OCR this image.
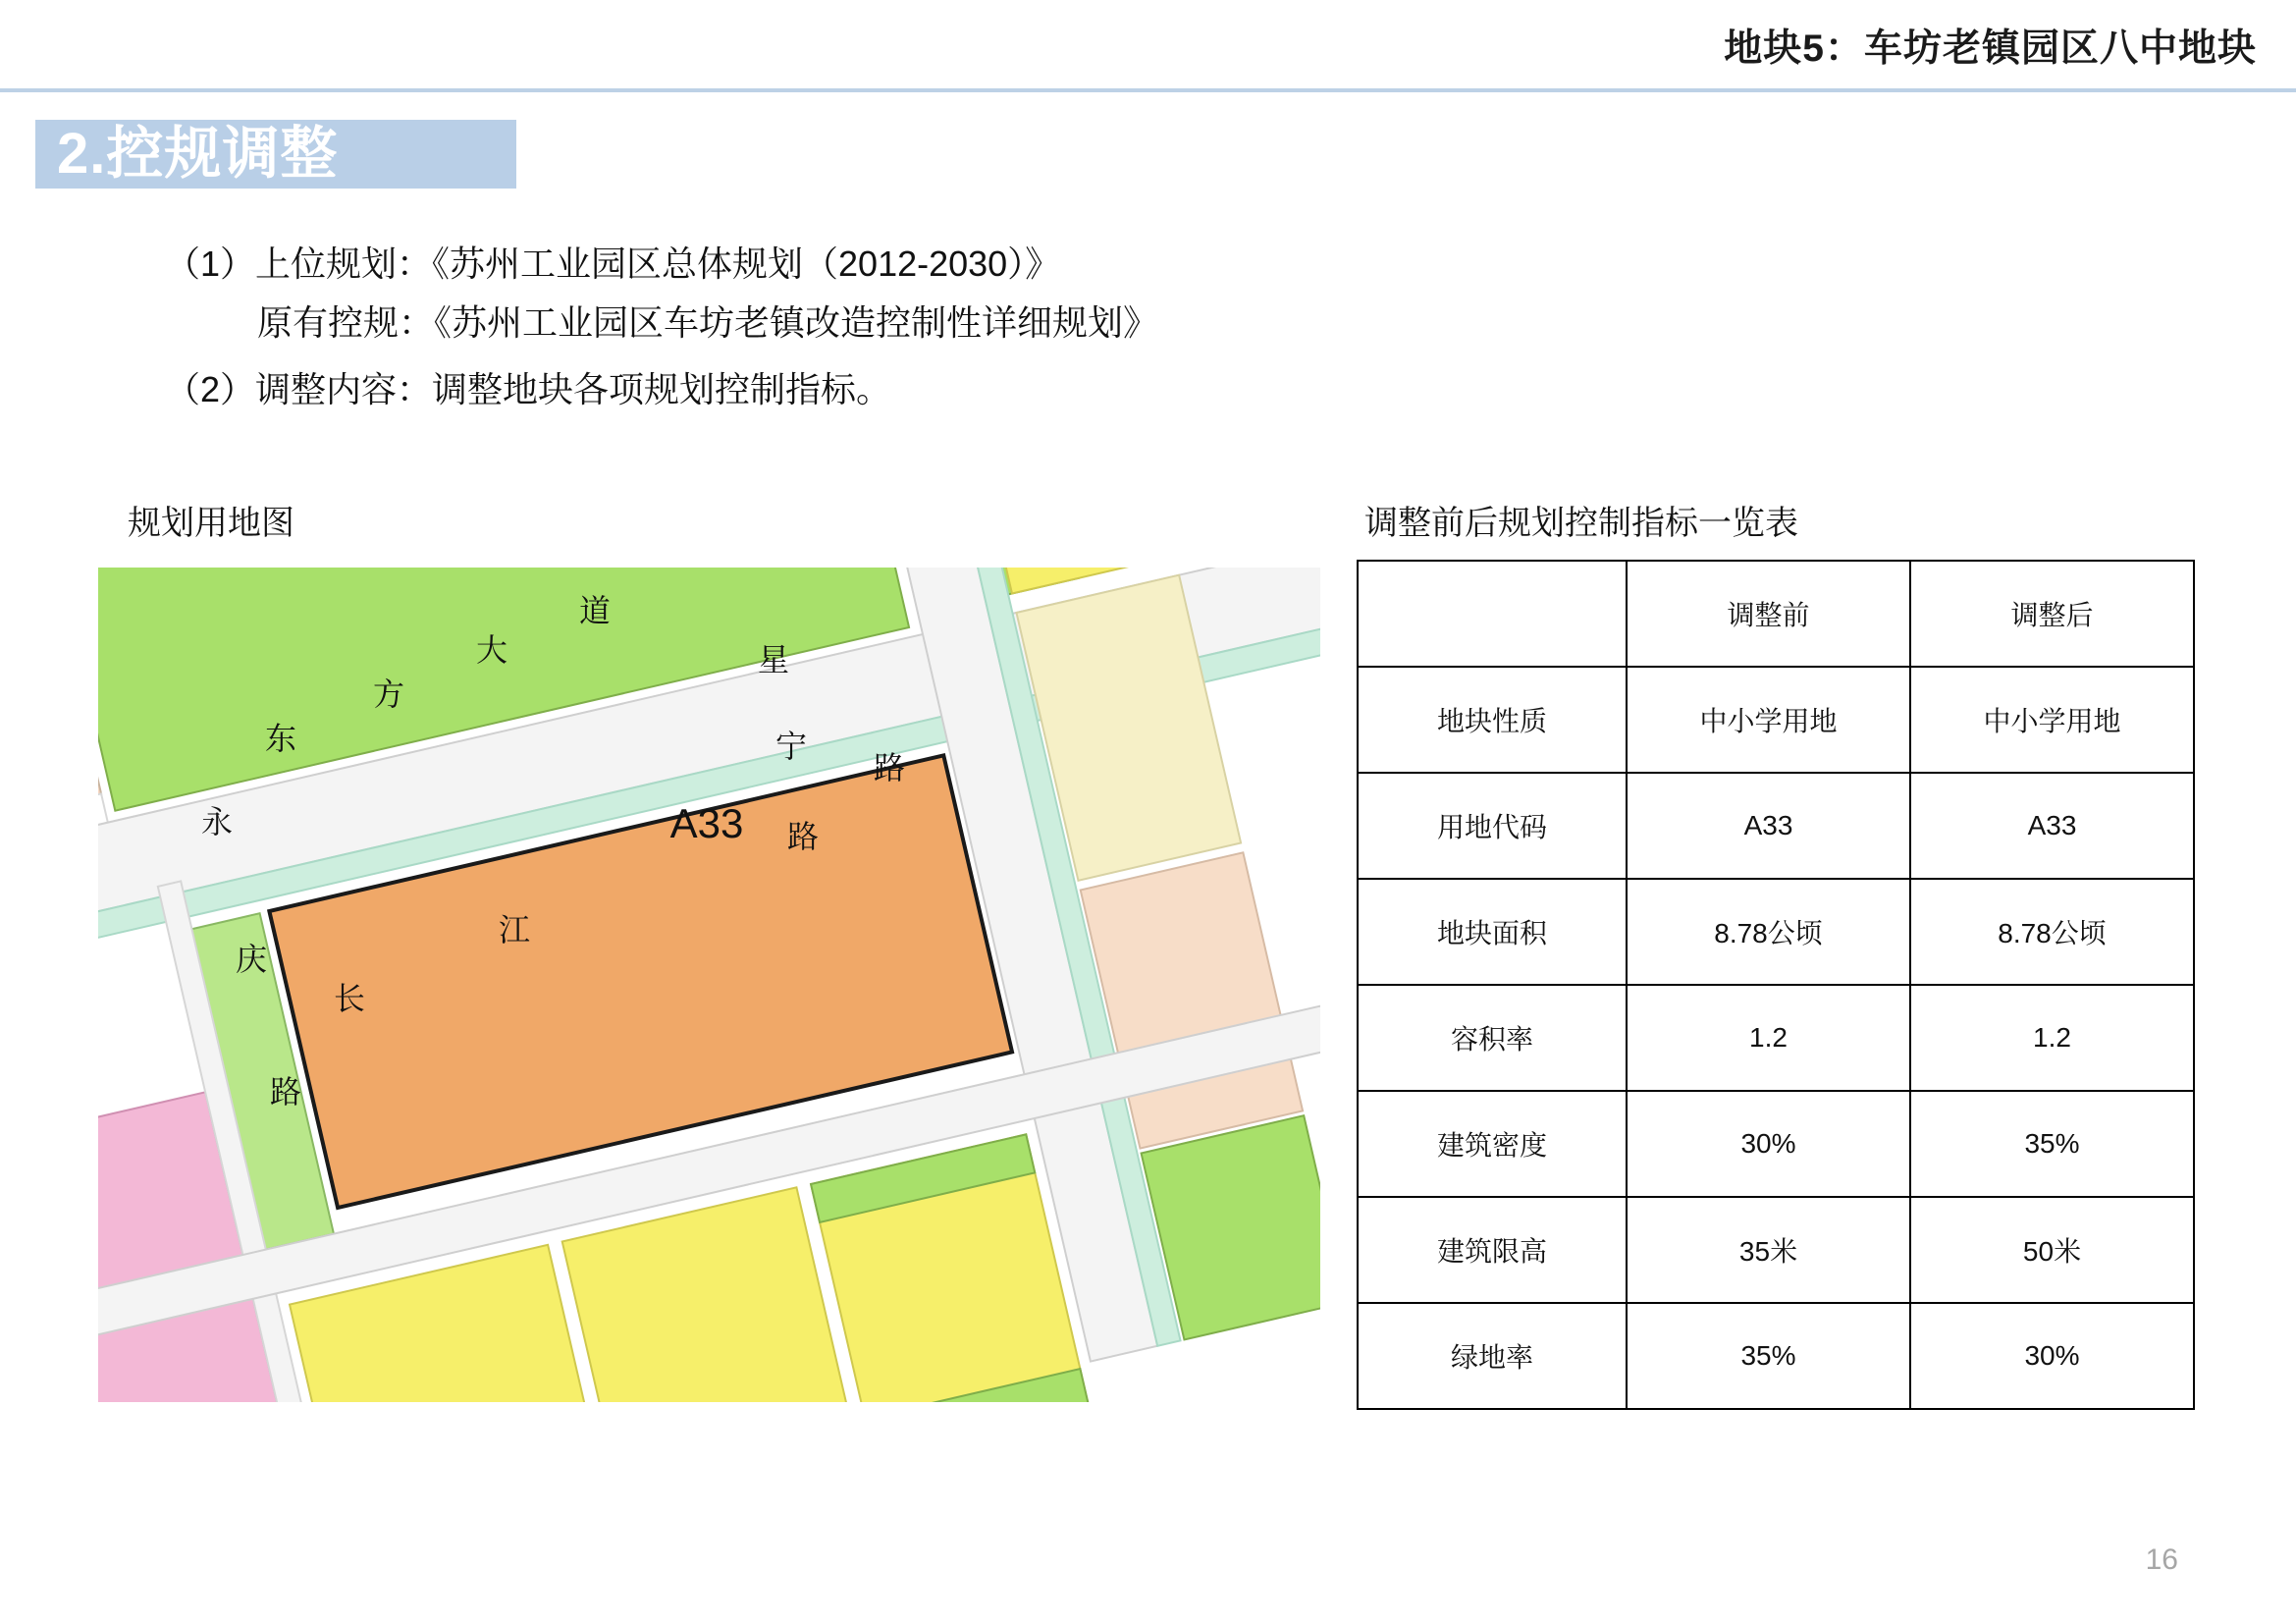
地块5：车坊老镇园区八中地块
2.控规调整
（1）上位规划：《苏州工业园区总体规划（2012-2030）》
原有控规：《苏州工业园区车坊老镇改造控制性详细规划》
（2）调整内容：调整地块各项规划控制指标。
规划用地图
A33
东
方
大
道
星
宁
路
路
永
庆
路
长
江
调整前后规划控制指标一览表
	调整前	调整后
地块性质	中小学用地	中小学用地
用地代码	A33	A33
地块面积	8.78公顷	8.78公顷
容积率	1.2	1.2
建筑密度	30%	35%
建筑限高	35米	50米
绿地率	35%	30%
16
